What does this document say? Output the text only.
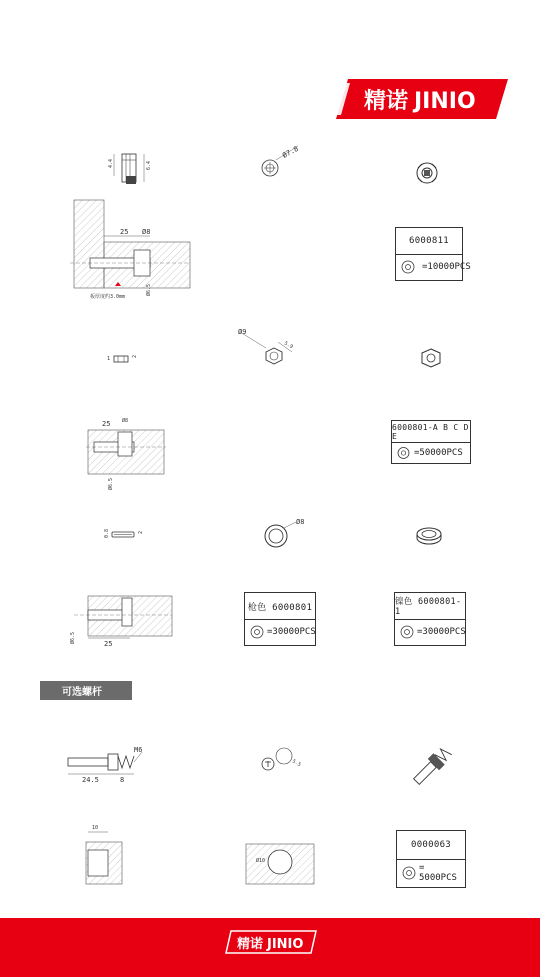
精诺 JINIO
4.4	6.4
Ø7.8
25 Ø8
Ø6.5
板厚度约3.0mm
6000811
=10000PCS
1	2
Ø9
5.9
25 Ø8
Ø6.5
6000801-A B C D E
=50000PCS
0.8	2
Ø8
25
Ø6.5
枪色 6000801
=30000PCS
镍色 6000801-1
=30000PCS
可选螺杆
M6
24.5	8
5.5
10
Ø10
0000063
= 5000PCS
精诺 JINIO
